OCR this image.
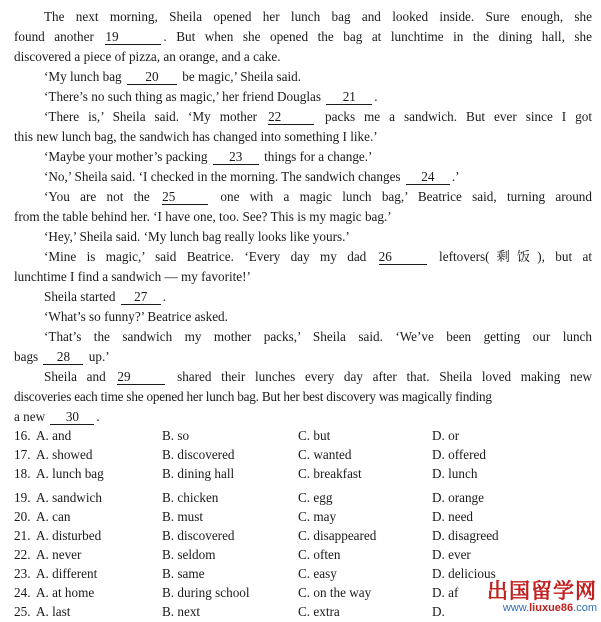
The next morning, Sheila opened her lunch bag and looked inside. Sure enough, she
found another 19	. But when she opened the bag at lunchtime in the dining hall, she
discovered a piece of pizza, an orange, and a cake.
‘My lunch bag 20 be magic,’ Sheila said.
‘There’s no such thing as magic,’ her friend Douglas 21 .
‘There is,’ Sheila said. ‘My mother 22	packs me a sandwich. But ever since I got
this new lunch bag, the sandwich has changed into something I like.’
‘Maybe your mother’s packing 23 things for a change.’
‘No,’ Sheila said. ‘I checked in the morning. The sandwich changes 24 .’
‘You are not the 25	one with a magic lunch bag,’ Beatrice said, turning around
from the table behind her. ‘I have one, too. See? This is my magic bag.’
‘Hey,’ Sheila said. ‘My lunch bag really looks like yours.’
‘Mine is magic,’ said Beatrice. ‘Every day my dad 26	leftovers(剩饭), but at
lunchtime I find a sandwich — my favorite!’
Sheila started 27 .
‘What’s so funny?’ Beatrice asked.
‘That’s the sandwich my mother packs,’ Sheila said. ‘We’ve been getting our lunch
bags 28 up.’
Sheila and 29	shared their lunches every day after that. Sheila loved making new
discoveries each time she opened her lunch bag. But her best discovery was magically finding
a new 30 .
16. A. and	B. so	C. but	D. or
17. A. showed	B. discovered	C. wanted	D. offered
18. A. lunch bag	B. dining hall	C. breakfast	D. lunch
19. A. sandwich	B. chicken	C. egg	D. orange
20. A. can	B. must	C. may	D. need
21. A. disturbed	B. discovered	C. disappeared	D. disagreed
22. A. never	B. seldom	C. often	D. ever
23. A. different	B. same	C. easy	D. delicious
24. A. at home	B. during school	C. on the way	D. af
25. A. last	B. next	C. extra	D.
出国留学网
www.liuxue86.com
